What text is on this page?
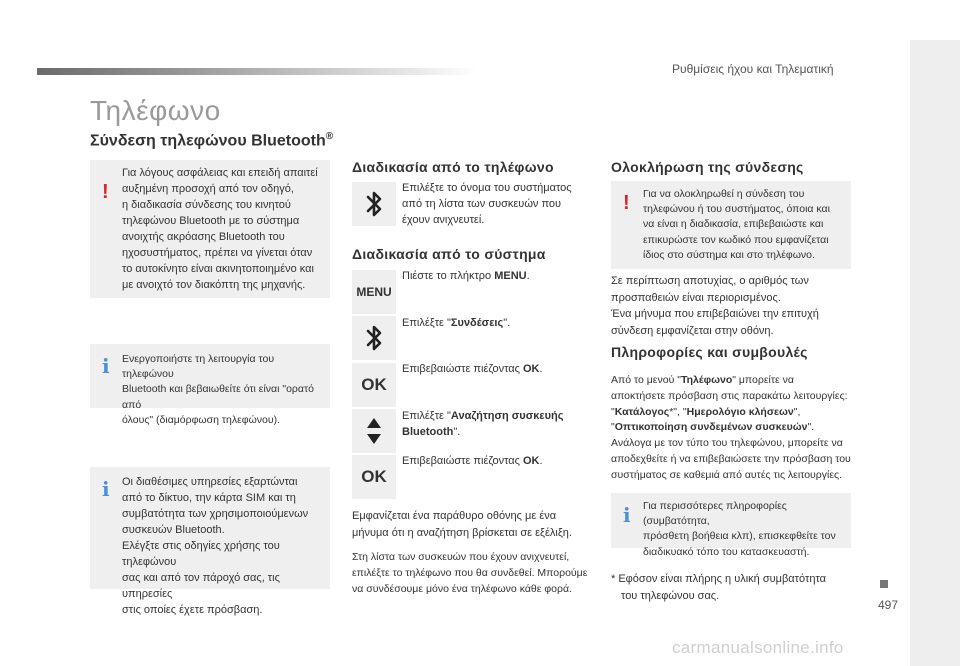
Ρυθμίσεις ήχου και Τηλεματική
497
carmanualsonline.info
Τηλέφωνο
Σύνδεση τηλεφώνου Bluetooth®
!

Για λόγους ασφάλειας και επειδή απαιτεί

αυξημένη προσοχή από τον οδηγό,

η διαδικασία σύνδεσης του κινητού

τηλεφώνου Bluetooth με το σύστημα

ανοιχτής ακρόασης Bluetooth του

ηχοσυστήματος, πρέπει να γίνεται όταν

το αυτοκίνητο είναι ακινητοποιημένο και

με ανοιχτό τον διακόπτη της μηχανής.

i Ενεργοποιήστε τη λειτουργία του τηλεφώνου

Bluetooth και βεβαιωθείτε ότι είναι "ορατό από

όλους" (διαμόρφωση τηλεφώνου).

i Οι διαθέσιμες υπηρεσίες εξαρτώνται

από το δίκτυο, την κάρτα SIM και τη

συμβατότητα των χρησιμοποιούμενων

συσκευών Bluetooth.

Ελέγξτε στις οδηγίες χρήσης του τηλεφώνου

σας και από τον πάροχό σας, τις υπηρεσίες

στις οποίες έχετε πρόσβαση.

Διαδικασία από το τηλέφωνο
Επιλέξτε το όνομα του συστήματος
από τη λίστα των συσκευών που
έχουν ανιχνευτεί.
Διαδικασία από το σύστημα
MENU
Πιέστε το πλήκτρο MENU.
Επιλέξτε "Συνδέσεις".
OK
Επιβεβαιώστε πιέζοντας OK.
Επιλέξτε "Αναζήτηση συσκευής
Bluetooth".
OK
Επιβεβαιώστε πιέζοντας OK.

Εμφανίζεται ένα παράθυρο οθόνης με ένα

μήνυμα ότι η αναζήτηση βρίσκεται σε εξέλιξη.

Στη λίστα των συσκευών που έχουν ανιχνευτεί,

επιλέξτε το τηλέφωνο που θα συνδεθεί. Μπορούμε

να συνδέσουμε μόνο ένα τηλέφωνο κάθε φορά.

Ολοκλήρωση της σύνδεσης
! Για να ολοκληρωθεί η σύνδεση του

τηλεφώνου ή του συστήματος, όποια και

να είναι η διαδικασία, επιβεβαιώστε και

επικυρώστε τον κωδικό που εμφανίζεται

ίδιος στο σύστημα και στο τηλέφωνο.

Σε περίπτωση αποτυχίας, ο αριθμός των

προσπαθειών είναι περιορισμένος.

Ένα μήνυμα που επιβεβαιώνει την επιτυχή

σύνδεση εμφανίζεται στην οθόνη.

Πληροφορίες και συμβουλές

Από το μενού "Τηλέφωνο" μπορείτε να

αποκτήσετε πρόσβαση στις παρακάτω λειτουργίες:

"Κατάλογος*", "Ημερολόγιο κλήσεων",

"Οπτικοποίηση συνδεμένων συσκευών".

Ανάλογα με τον τύπο του τηλεφώνου, μπορείτε να

αποδεχθείτε ή να επιβεβαιώσετε την πρόσβαση του

συστήματος σε καθεμιά από αυτές τις λειτουργίες.

i Για περισσότερες πληροφορίες (συμβατότητα,

πρόσθετη βοήθεια κλπ), επισκεφθείτε τον

διαδικυακό τόπο του κατασκευαστή.

* Εφόσον είναι πλήρης η υλική συμβατότητα

του τηλεφώνου σας.
